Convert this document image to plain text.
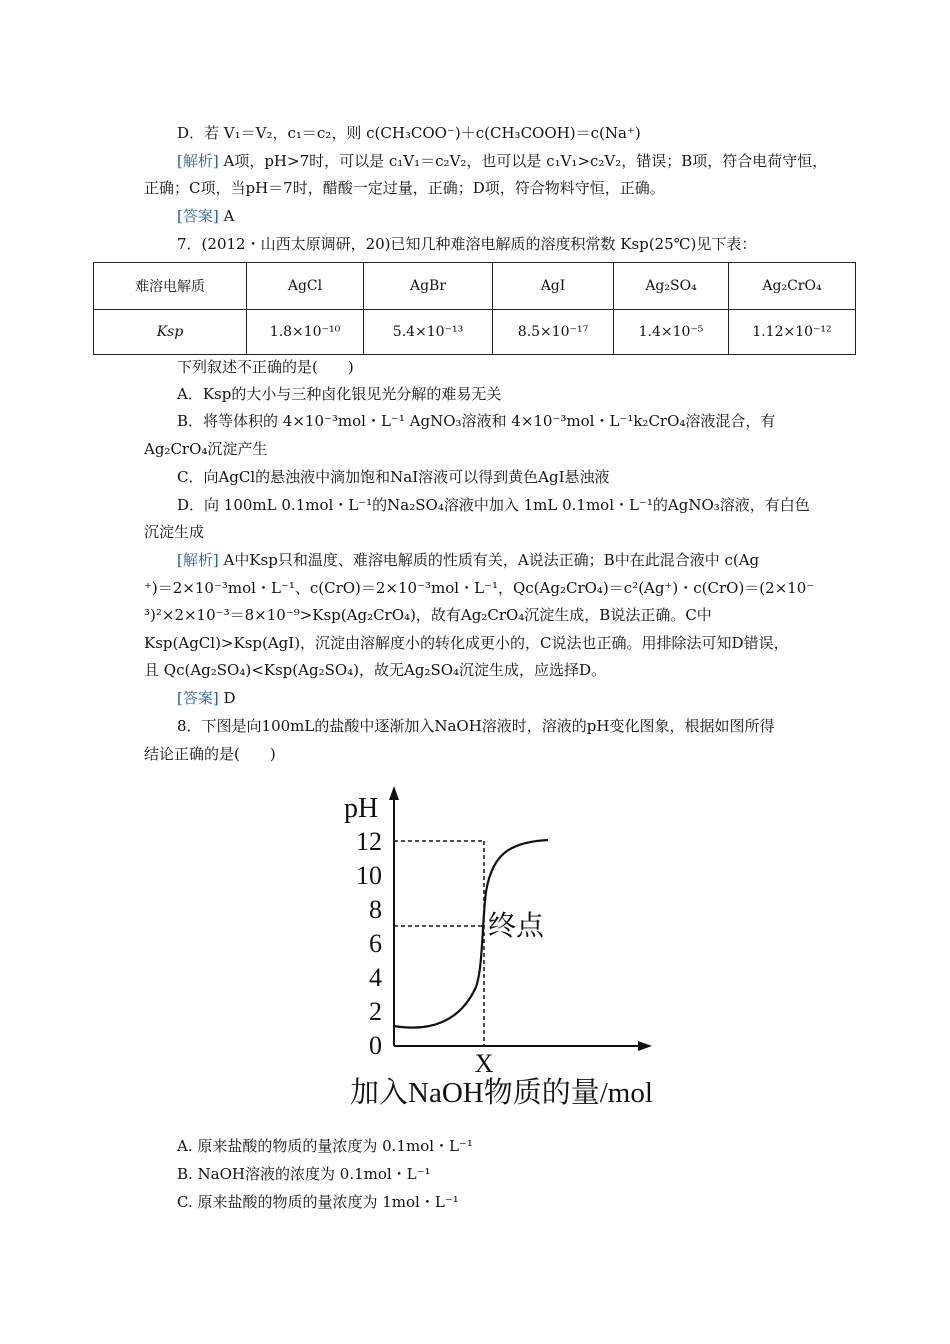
D．若 V₁＝V₂，c₁＝c₂，则 c(CH₃COO⁻)＋c(CH₃COOH)＝c(Na⁺)
[解析] A项，pH>7时，可以是 c₁V₁＝c₂V₂，也可以是 c₁V₁>c₂V₂，错误；B项，符合电荷守恒，
正确；C项，当pH＝7时，醋酸一定过量，正确；D项，符合物料守恒，正确。
[答案] A
7．(2012・山西太原调研，20)已知几种难溶电解质的溶度积常数 Ksp(25℃)见下表：
难溶电解质	AgCl	AgBr	AgI	Ag₂SO₄	Ag₂CrO₄
Ksp	1.8×10⁻¹⁰	5.4×10⁻¹³	8.5×10⁻¹⁷	1.4×10⁻⁵	1.12×10⁻¹²
下列叙述不正确的是(　　)
A．Ksp的大小与三种卤化银见光分解的难易无关
B．将等体积的 4×10⁻³mol・L⁻¹ AgNO₃溶液和 4×10⁻³mol・L⁻¹k₂CrO₄溶液混合，有
Ag₂CrO₄沉淀产生
C．向AgCl的悬浊液中滴加饱和NaI溶液可以得到黄色AgI悬浊液
D．向 100mL 0.1mol・L⁻¹的Na₂SO₄溶液中加入 1mL 0.1mol・L⁻¹的AgNO₃溶液，有白色
沉淀生成
[解析] A中Ksp只和温度、难溶电解质的性质有关，A说法正确；B中在此混合液中 c(Ag
⁺)＝2×10⁻³mol・L⁻¹、c(CrO)＝2×10⁻³mol・L⁻¹，Qc(Ag₂CrO₄)＝c²(Ag⁺)・c(CrO)＝(2×10⁻
³)²×2×10⁻³＝8×10⁻⁹>Ksp(Ag₂CrO₄)，故有Ag₂CrO₄沉淀生成，B说法正确。C中
Ksp(AgCl)>Ksp(AgI)，沉淀由溶解度小的转化成更小的，C说法也正确。用排除法可知D错误，
且 Qc(Ag₂SO₄)<Ksp(Ag₂SO₄)，故无Ag₂SO₄沉淀生成，应选择D。
[答案] D
8．下图是向100mL的盐酸中逐渐加入NaOH溶液时，溶液的pH变化图象，根据如图所得
结论正确的是(　　)
pH
12
10
8
6
4
2
0
终点
X
加入NaOH物质的量/mol
A. 原来盐酸的物质的量浓度为 0.1mol・L⁻¹
B. NaOH溶液的浓度为 0.1mol・L⁻¹
C. 原来盐酸的物质的量浓度为 1mol・L⁻¹
